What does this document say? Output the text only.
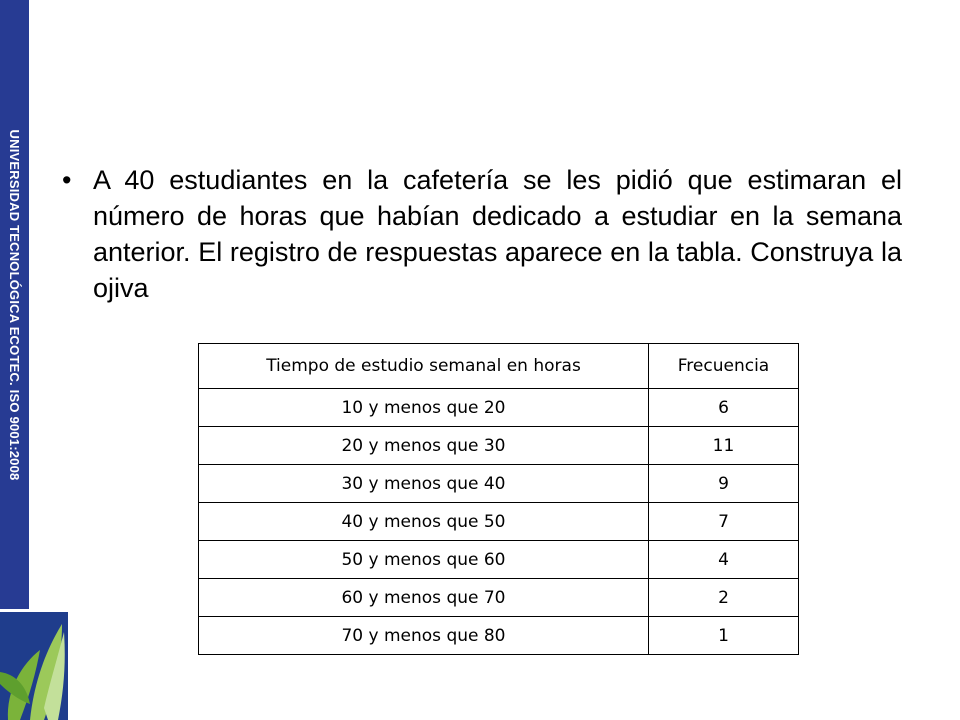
UNIVERSIDAD TECNOLÓGICA ECOTEC. ISO 9001:2008 • A 40 estudiantes en la cafetería se les pidió que estimaran el número de horas que habían dedicado a estudiar en la semana anterior. El registro de respuestas aparece en la tabla. Construya la ojiva

Tiempo de estudio semanal en horas	Frecuencia
10 y menos que 20	6
20 y menos que 30	11
30 y menos que 40	9
40 y menos que 50	7
50 y menos que 60	4
60 y menos que 70	2
70 y menos que 80	1
